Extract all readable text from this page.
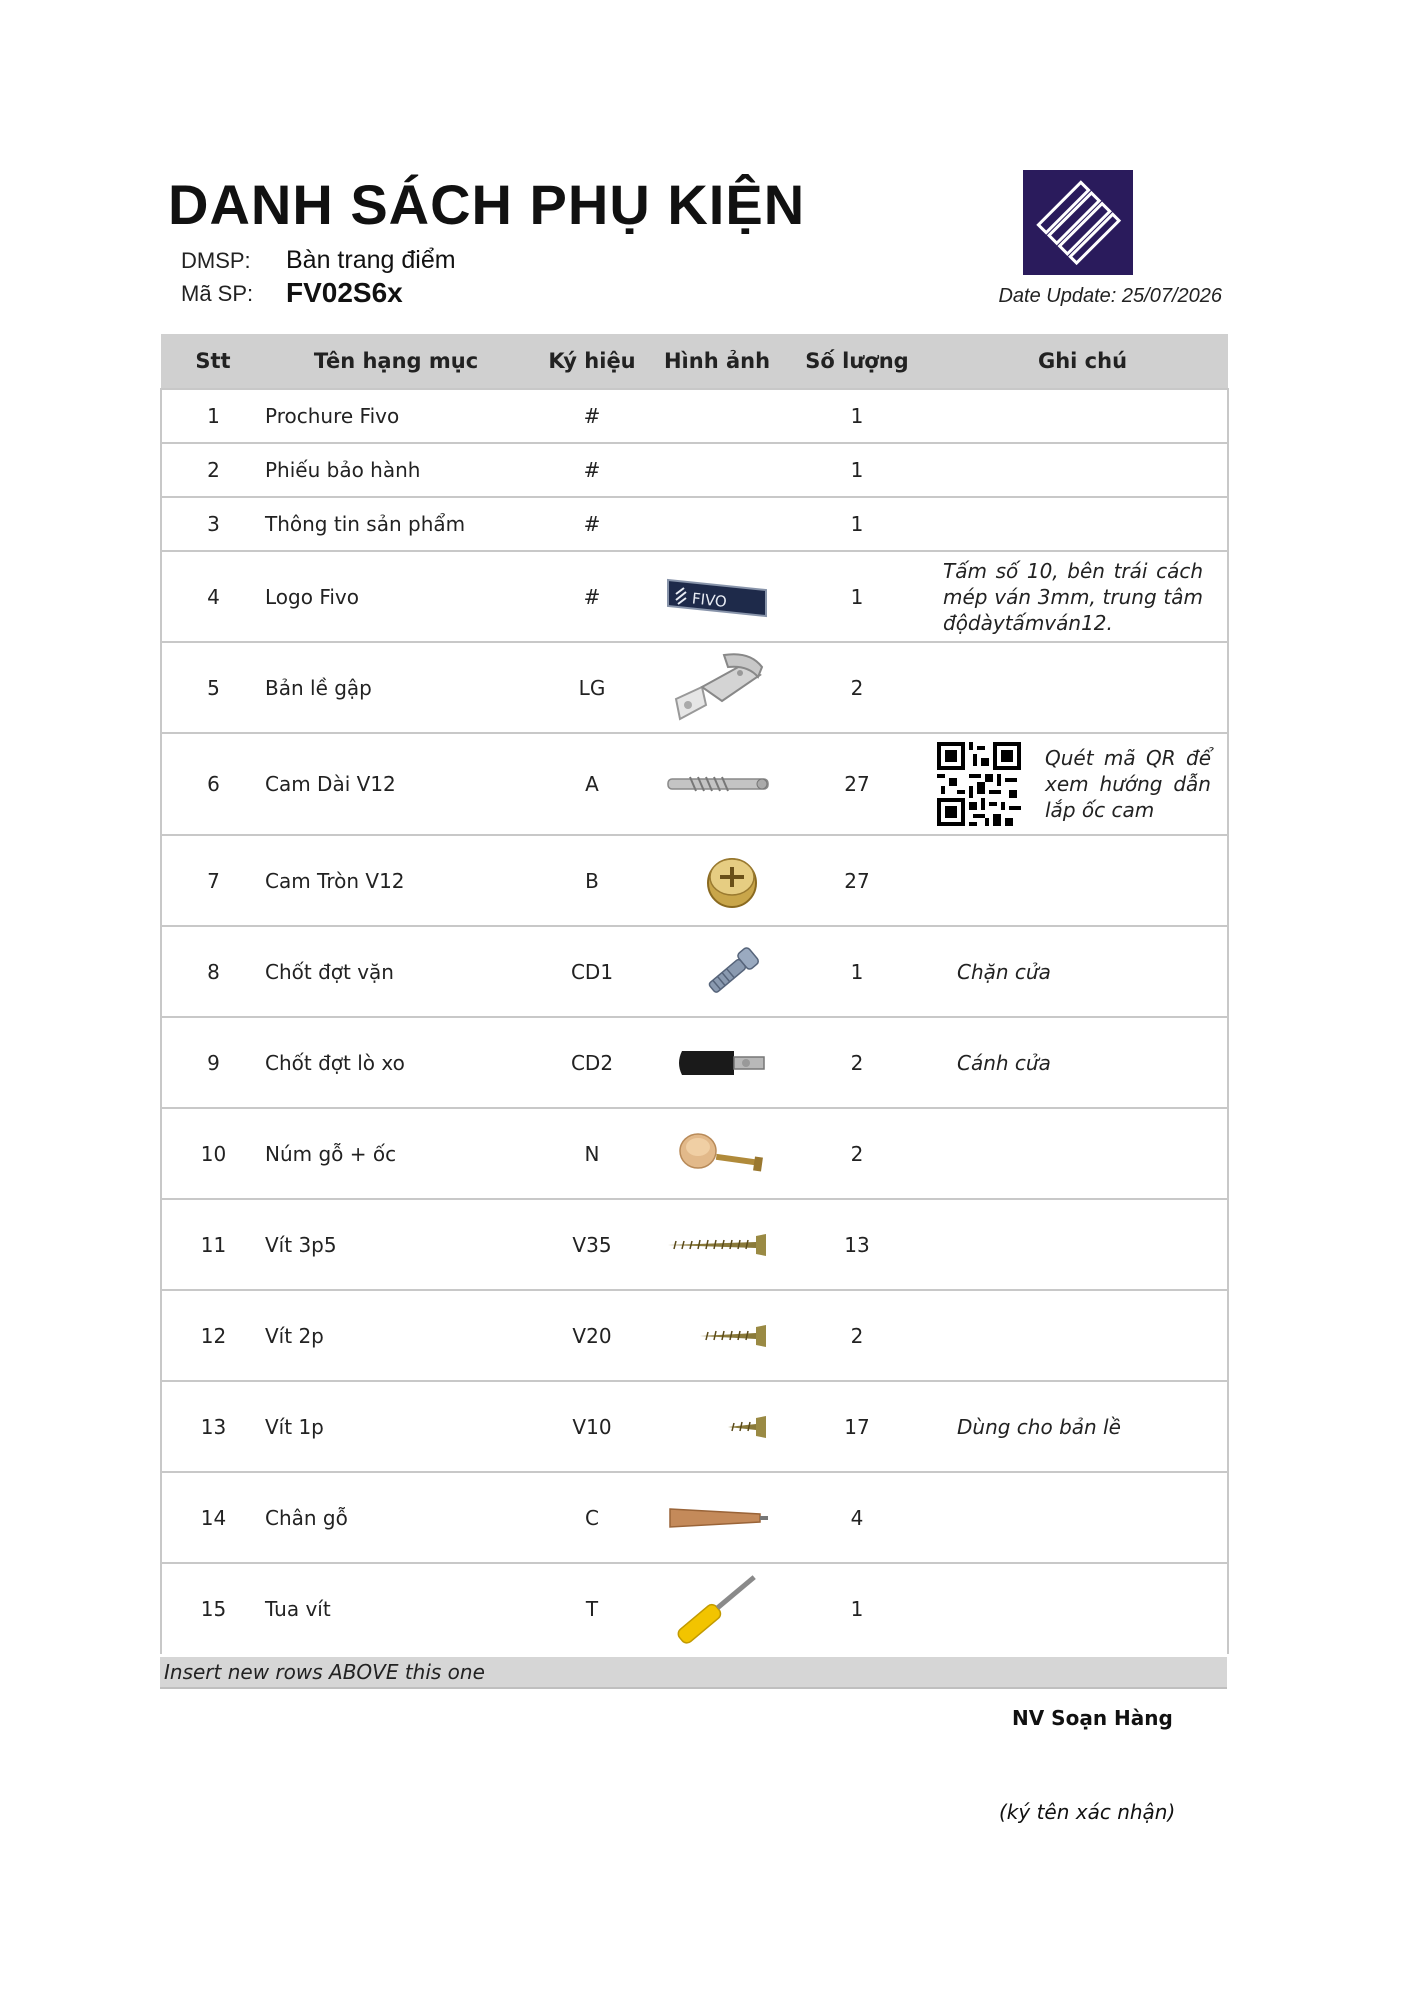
DANH SÁCH PHỤ KIỆN
DMSP: Bàn trang điểm
Mã SP: FV02S6x	Date Update: 25/07/2026
Stt	Tên hạng mục	Ký hiệu	Hình ảnh	Số lượng	Ghi chú
1	Prochure Fivo	#		1	
2	Phiếu bảo hành	#		1	
3	Thông tin sản phẩm	#		1	
4	Logo Fivo	#	FIVO	1	Tấm số 10, bên trái cách mép ván 3mm, trung tâm độdàytấmván12.

5	Bản lề gập	LG		2	
6	Cam Dài V12	A		27	Quét mã QR để xem hướng dẫn lắp ốc cam

7	Cam Tròn V12	B		27	
8	Chốt đợt vặn	CD1		1	Chặn cửa
9	Chốt đợt lò xo	CD2		2	Cánh cửa
10	Núm gỗ + ốc	N		2	
11	Vít 3p5	V35		13	
12	Vít 2p	V20		2	
13	Vít 1p	V10		17	Dùng cho bản lề
14	Chân gỗ	C		4	
15	Tua vít	T		1	
Insert new rows ABOVE this one
NV Soạn Hàng
(ký tên xác nhận)
